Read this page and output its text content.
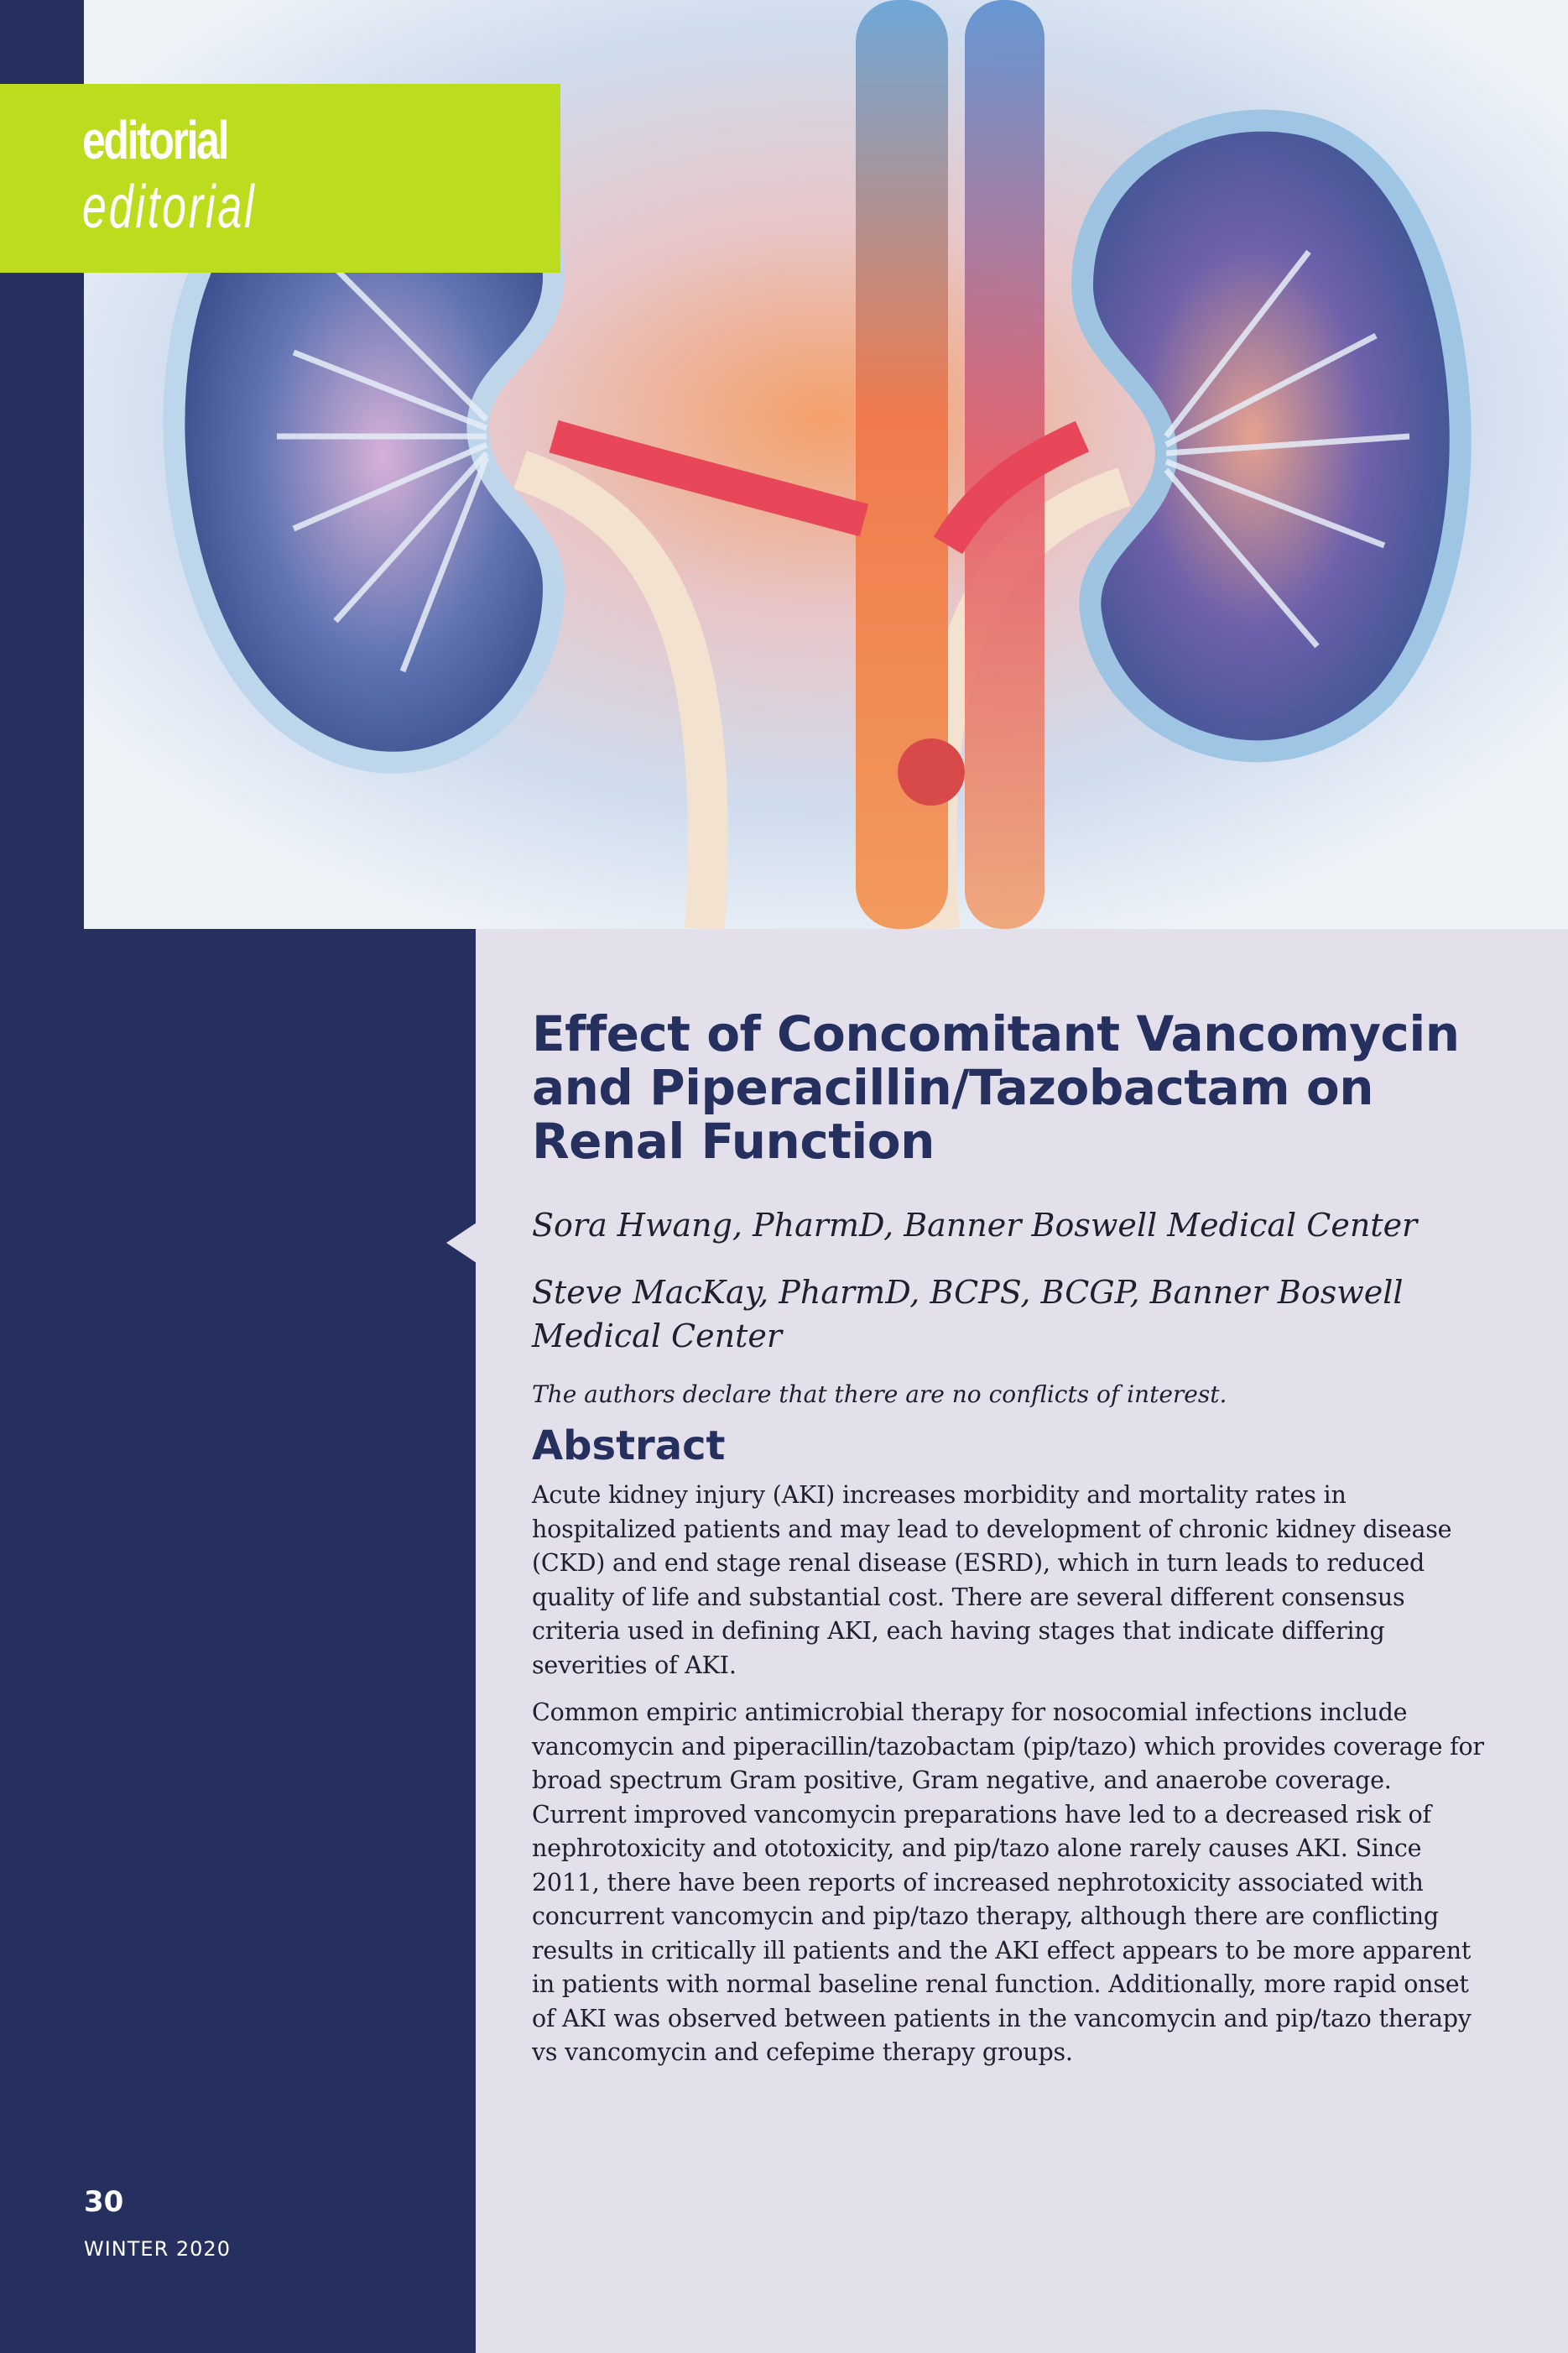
editorial
editorial
Effect of Concomitant Vancomycin and Piperacillin/Tazobactam on Renal Function

Sora Hwang, PharmD, Banner Boswell Medical Center

Steve MacKay, PharmD, BCPS, BCGP, Banner Boswell Medical Center

The authors declare that there are no conflicts of interest.

Abstract

Acute kidney injury (AKI) increases morbidity and mortality rates in hospitalized patients and may lead to development of chronic kidney disease (CKD) and end stage renal disease (ESRD), which in turn leads to reduced quality of life and substantial cost. There are several different consensus criteria used in defining AKI, each having stages that indicate differing severities of AKI.

Common empiric antimicrobial therapy for nosocomial infections include vancomycin and piperacillin/tazobactam (pip/tazo) which provides coverage for broad spectrum Gram positive, Gram negative, and anaerobe coverage. Current improved vancomycin preparations have led to a decreased risk of nephrotoxicity and ototoxicity, and pip/tazo alone rarely causes AKI. Since 2011, there have been reports of increased nephrotoxicity associated with concurrent vancomycin and pip/tazo therapy, although there are conflicting results in critically ill patients and the AKI effect appears to be more apparent in patients with normal baseline renal function. Additionally, more rapid onset of AKI was observed between patients in the vancomycin and pip/tazo therapy vs vancomycin and cefepime therapy groups.

30
WINTER 2020
